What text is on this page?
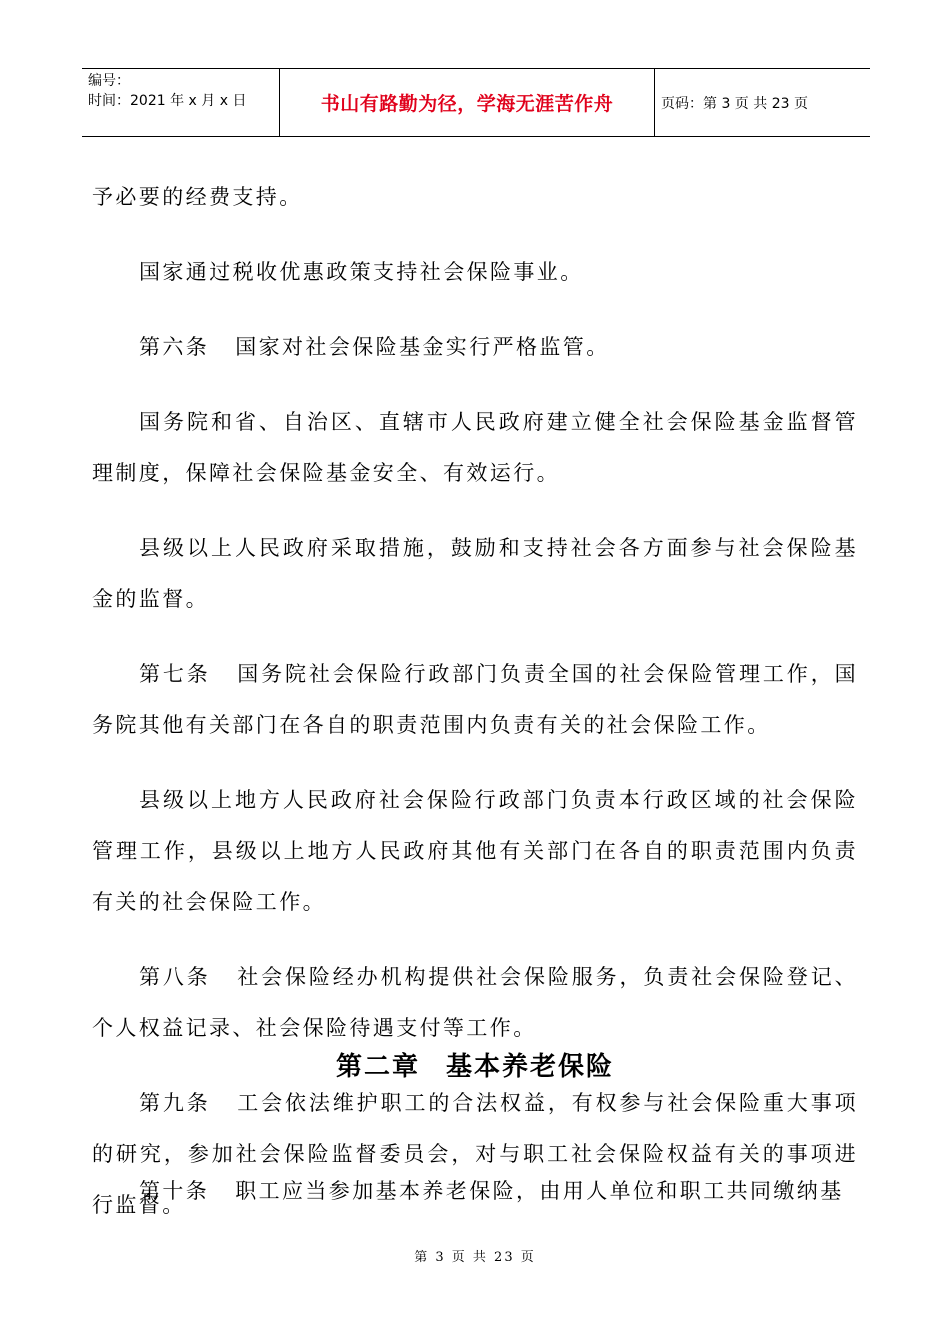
编号：
时间：2021 年 x 月 x 日	书山有路勤为径，学海无涯苦作舟	页码：第 3 页 共 23 页

予必要的经费支持。

国家通过税收优惠政策支持社会保险事业。

第六条 国家对社会保险基金实行严格监管。

国务院和省、自治区、直辖市人民政府建立健全社会保险基金监督管理制度，保障社会保险基金安全、有效运行。

县级以上人民政府采取措施，鼓励和支持社会各方面参与社会保险基金的监督。

第七条 国务院社会保险行政部门负责全国的社会保险管理工作，国务院其他有关部门在各自的职责范围内负责有关的社会保险工作。

县级以上地方人民政府社会保险行政部门负责本行政区域的社会保险管理工作，县级以上地方人民政府其他有关部门在各自的职责范围内负责有关的社会保险工作。

第八条 社会保险经办机构提供社会保险服务，负责社会保险登记、个人权益记录、社会保险待遇支付等工作。

第九条 工会依法维护职工的合法权益，有权参与社会保险重大事项的研究，参加社会保险监督委员会，对与职工社会保险权益有关的事项进行监督。

第二章 基本养老保险
第十条 职工应当参加基本养老保险，由用人单位和职工共同缴纳基
第 3 页 共 23 页
